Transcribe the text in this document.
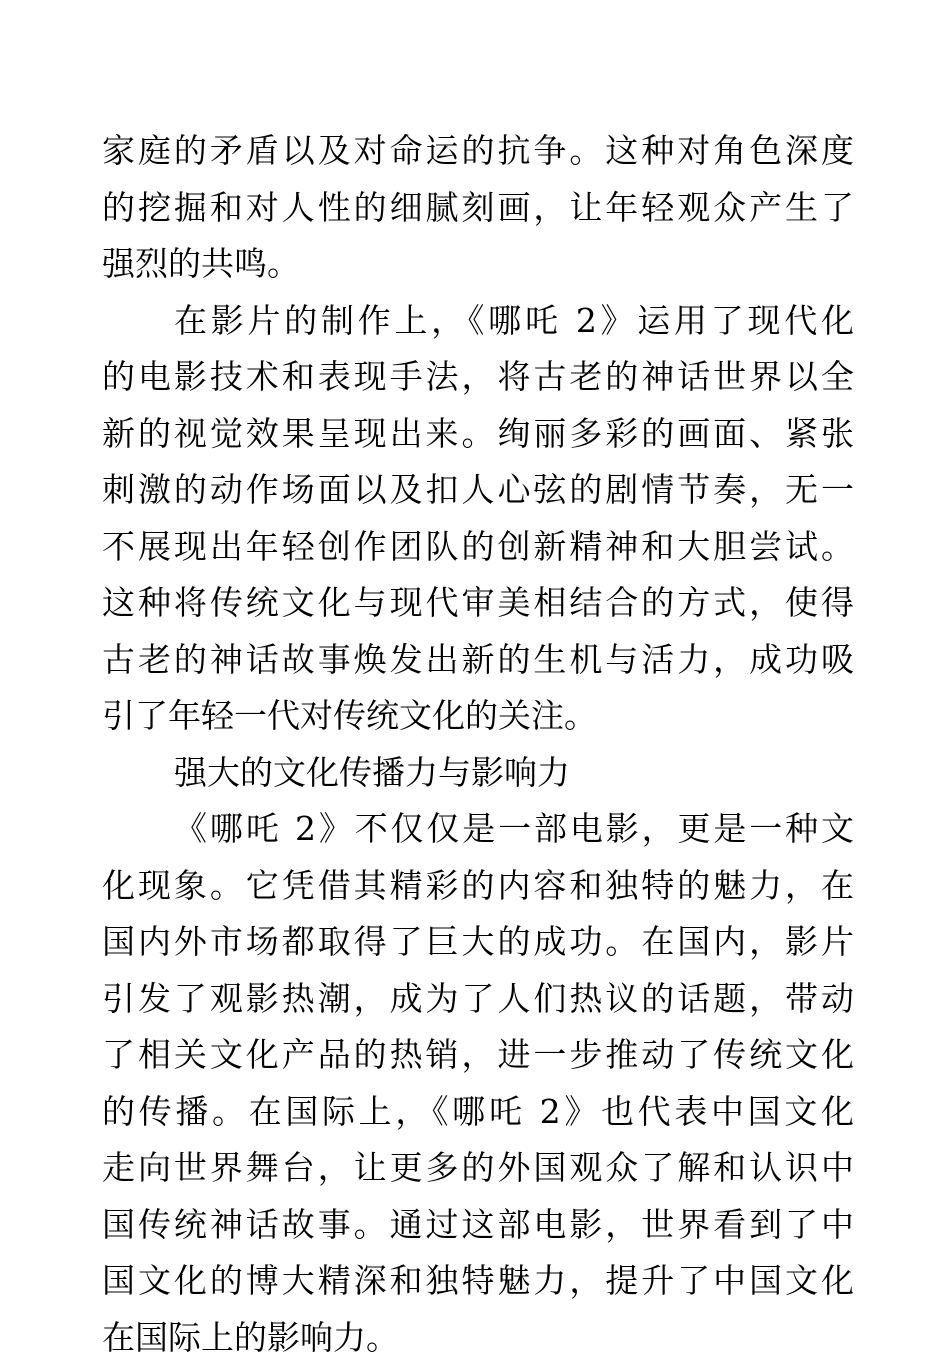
家庭的矛盾以及对命运的抗争。这种对角色深度
的挖掘和对人性的细腻刻画，让年轻观众产生了
强烈的共鸣。
在影片的制作上，《哪吒 2》运用了现代化
的电影技术和表现手法，将古老的神话世界以全
新的视觉效果呈现出来。绚丽多彩的画面、紧张
刺激的动作场面以及扣人心弦的剧情节奏，无一
不展现出年轻创作团队的创新精神和大胆尝试。
这种将传统文化与现代审美相结合的方式，使得
古老的神话故事焕发出新的生机与活力，成功吸
引了年轻一代对传统文化的关注。
强大的文化传播力与影响力
《哪吒 2》不仅仅是一部电影，更是一种文
化现象。它凭借其精彩的内容和独特的魅力，在
国内外市场都取得了巨大的成功。在国内，影片
引发了观影热潮，成为了人们热议的话题，带动
了相关文化产品的热销，进一步推动了传统文化
的传播。在国际上，《哪吒 2》也代表中国文化
走向世界舞台，让更多的外国观众了解和认识中
国传统神话故事。通过这部电影，世界看到了中
国文化的博大精深和独特魅力，提升了中国文化
在国际上的影响力。
